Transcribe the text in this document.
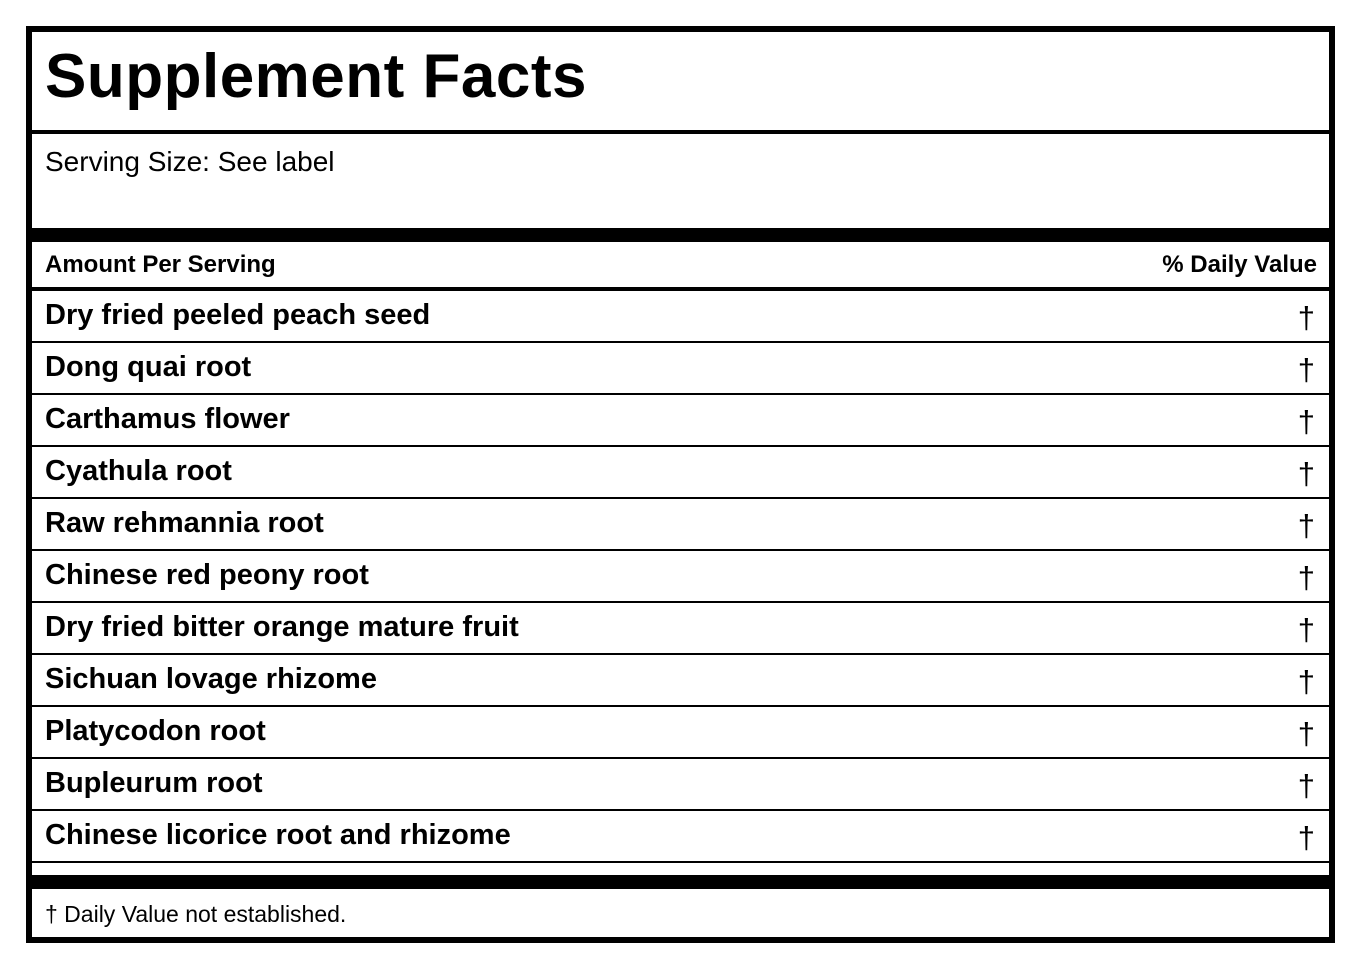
Supplement Facts
Serving Size: See label
Amount Per Serving	% Daily Value
Dry fried peeled peach seed	†
Dong quai root	†
Carthamus flower	†
Cyathula root	†
Raw rehmannia root	†
Chinese red peony root	†
Dry fried bitter orange mature fruit	†
Sichuan lovage rhizome	†
Platycodon root	†
Bupleurum root	†
Chinese licorice root and rhizome	†
† Daily Value not established.
